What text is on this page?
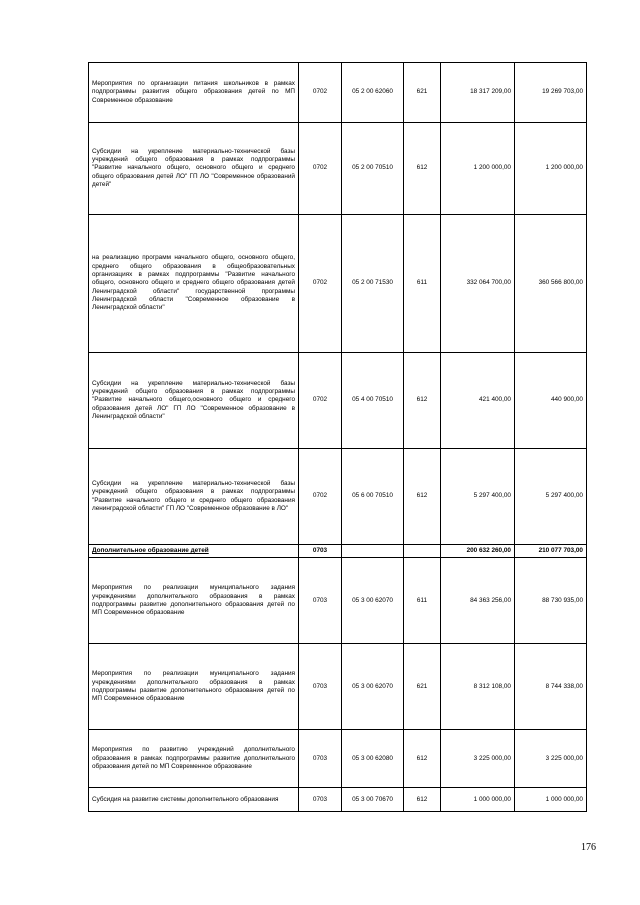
Мероприятия по организации питания школьников в рамках подпрограммы развития общего образования детей по МП Современное образование	0702	05 2 00 62060	621	18 317 209,00	19 269 703,00
Субсидии на укрепление материально-технической базы учреждений общего образования в рамках подпрограммы "Развитие начального общего, основного общего и среднего общего образования детей ЛО" ГП ЛО "Современное образований детей"	0702	05 2 00 70510	612	1 200 000,00	1 200 000,00
на реализацию программ начального общего, основного общего, среднего общего образования в общеобразовательных организациях в рамках подпрограммы "Развитие начального общего, основного общего и среднего общего образования детей Ленинградской области" государственной программы Ленинградской области "Современное образование в Ленинградской области"	0702	05 2 00 71530	611	332 064 700,00	360 566 800,00
Субсидии на укрепление материально-технической базы учреждений общего образования в рамках подпрограммы "Развитие начального общего,основного общего и среднего образования детей ЛО" ГП ЛО "Современное образование в Ленинградской области"	0702	05 4 00 70510	612	421 400,00	440 900,00
Субсидии на укрепление материально-технической базы учреждений общего образования в рамках подпрограммы "Развитие начального общего и среднего общего образования ленинградской области" ГП ЛО "Современное образование в ЛО"	0702	05 6 00 70510	612	5 297 400,00	5 297 400,00
Дополнительное образование детей	0703			200 632 260,00	210 077 703,00
Мероприятия по реализации муниципального задания учреждениями дополнительного образования в рамках подпрограммы развитие дополнительного образования детей по МП Современное образование	0703	05 3 00 62070	611	84 363 256,00	88 730 935,00
Мероприятия по реализации муниципального задания учреждениями дополнительного образования в рамках подпрограммы развитие дополнительного образования детей по МП Современное образование	0703	05 3 00 62070	621	8 312 108,00	8 744 338,00
Мероприятия по развитию учреждений дополнительного образования в рамках подпрограммы развитие дополнительного образования детей по МП Современное образование	0703	05 3 00 62080	612	3 225 000,00	3 225 000,00
Субсидия на развитие системы дополнительного образования	0703	05 3 00 70670	612	1 000 000,00	1 000 000,00
176
